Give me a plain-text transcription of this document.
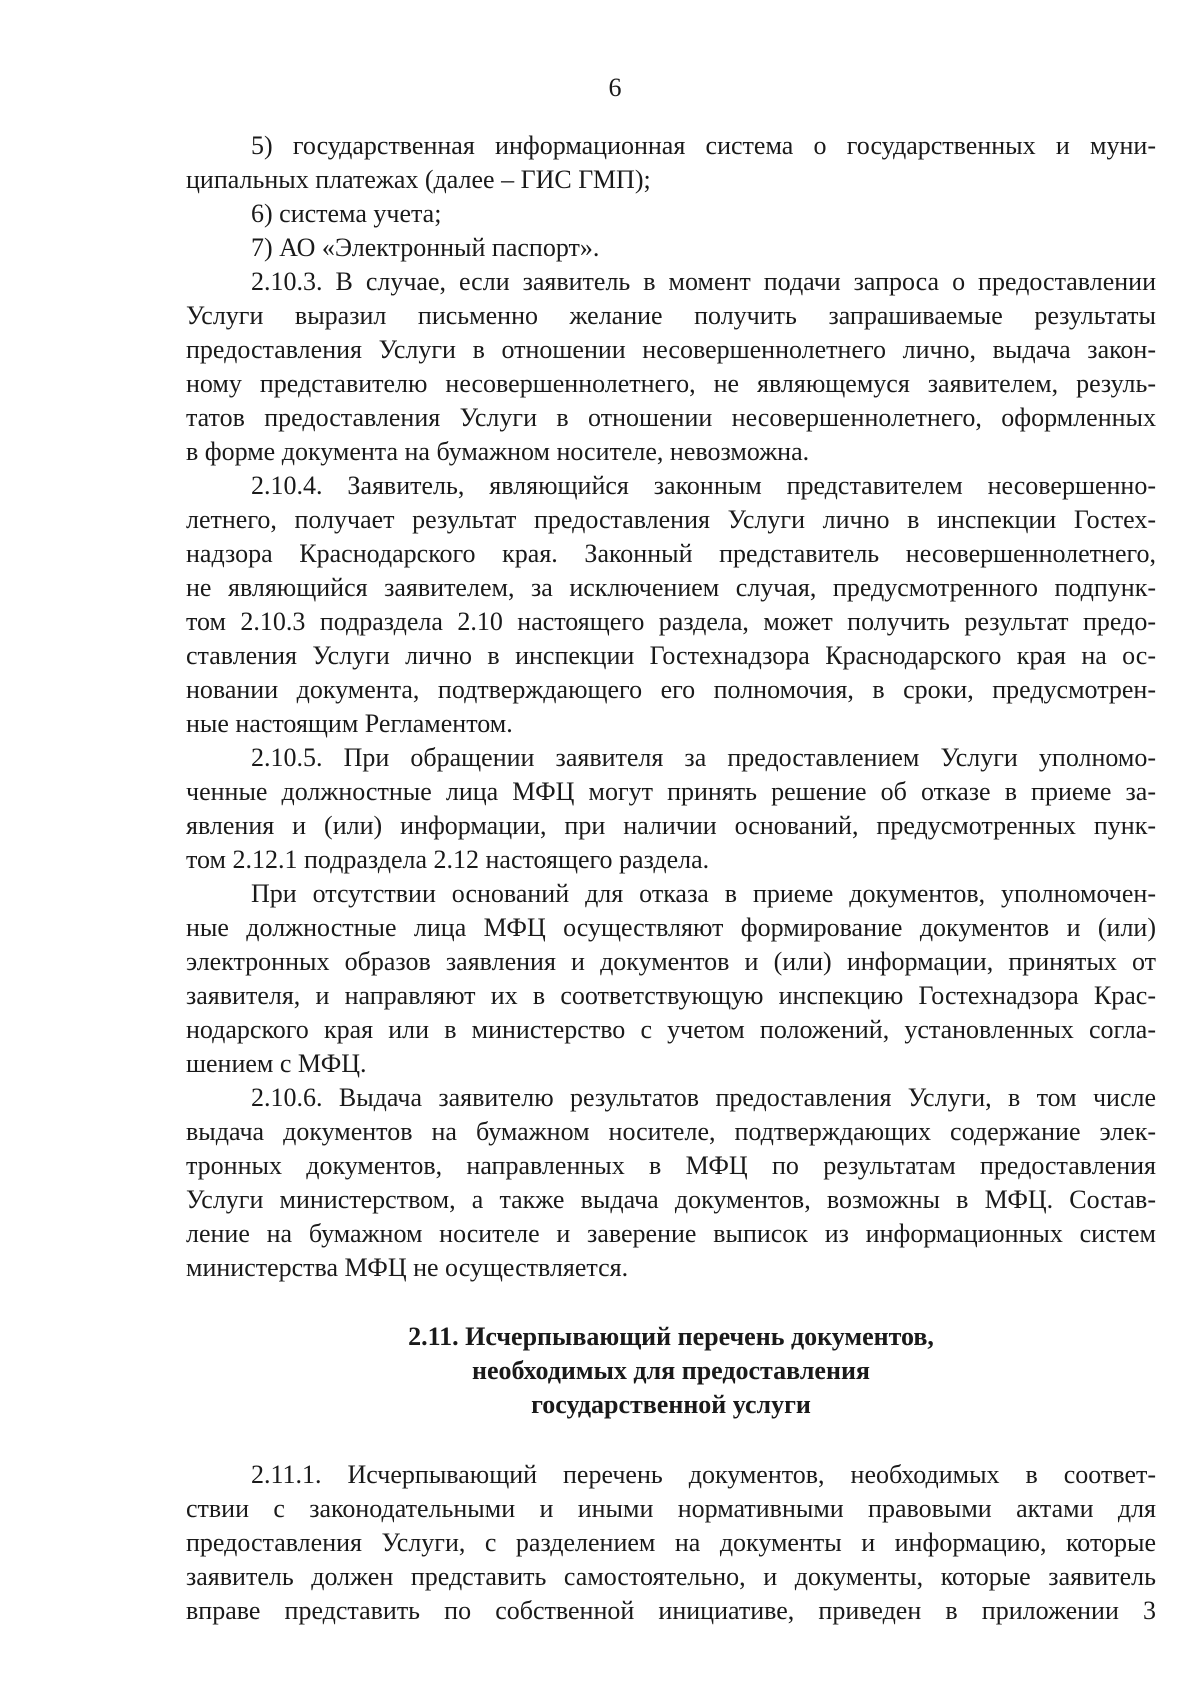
6
5) государственная информационная система о государственных и муни-
ципальных платежах (далее – ГИС ГМП);
6) система учета;
7) АО «Электронный паспорт».
2.10.3. В случае, если заявитель в момент подачи запроса о предоставлении
Услуги выразил письменно желание получить запрашиваемые результаты
предоставления Услуги в отношении несовершеннолетнего лично, выдача закон-
ному представителю несовершеннолетнего, не являющемуся заявителем, резуль-
татов предоставления Услуги в отношении несовершеннолетнего, оформленных
в форме документа на бумажном носителе, невозможна.
2.10.4. Заявитель, являющийся законным представителем несовершенно-
летнего, получает результат предоставления Услуги лично в инспекции Гостех-
надзора Краснодарского края. Законный представитель несовершеннолетнего,
не являющийся заявителем, за исключением случая, предусмотренного подпунк-
том 2.10.3 подраздела 2.10 настоящего раздела, может получить результат предо-
ставления Услуги лично в инспекции Гостехнадзора Краснодарского края на ос-
новании документа, подтверждающего его полномочия, в сроки, предусмотрен-
ные настоящим Регламентом.
2.10.5. При обращении заявителя за предоставлением Услуги уполномо-
ченные должностные лица МФЦ могут принять решение об отказе в приеме за-
явления и (или) информации, при наличии оснований, предусмотренных пунк-
том 2.12.1 подраздела 2.12 настоящего раздела.
При отсутствии оснований для отказа в приеме документов, уполномочен-
ные должностные лица МФЦ осуществляют формирование документов и (или)
электронных образов заявления и документов и (или) информации, принятых от
заявителя, и направляют их в соответствующую инспекцию Гостехнадзора Крас-
нодарского края или в министерство с учетом положений, установленных согла-
шением с МФЦ.
2.10.6. Выдача заявителю результатов предоставления Услуги, в том числе
выдача документов на бумажном носителе, подтверждающих содержание элек-
тронных документов, направленных в МФЦ по результатам предоставления
Услуги министерством, а также выдача документов, возможны в МФЦ. Состав-
ление на бумажном носителе и заверение выписок из информационных систем
министерства МФЦ не осуществляется.
2.11. Исчерпывающий перечень документов,
необходимых для предоставления
государственной услуги
2.11.1. Исчерпывающий перечень документов, необходимых в соответ-
ствии с законодательными и иными нормативными правовыми актами для
предоставления Услуги, с разделением на документы и информацию, которые
заявитель должен представить самостоятельно, и документы, которые заявитель
вправе представить по собственной инициативе, приведен в приложении 3
